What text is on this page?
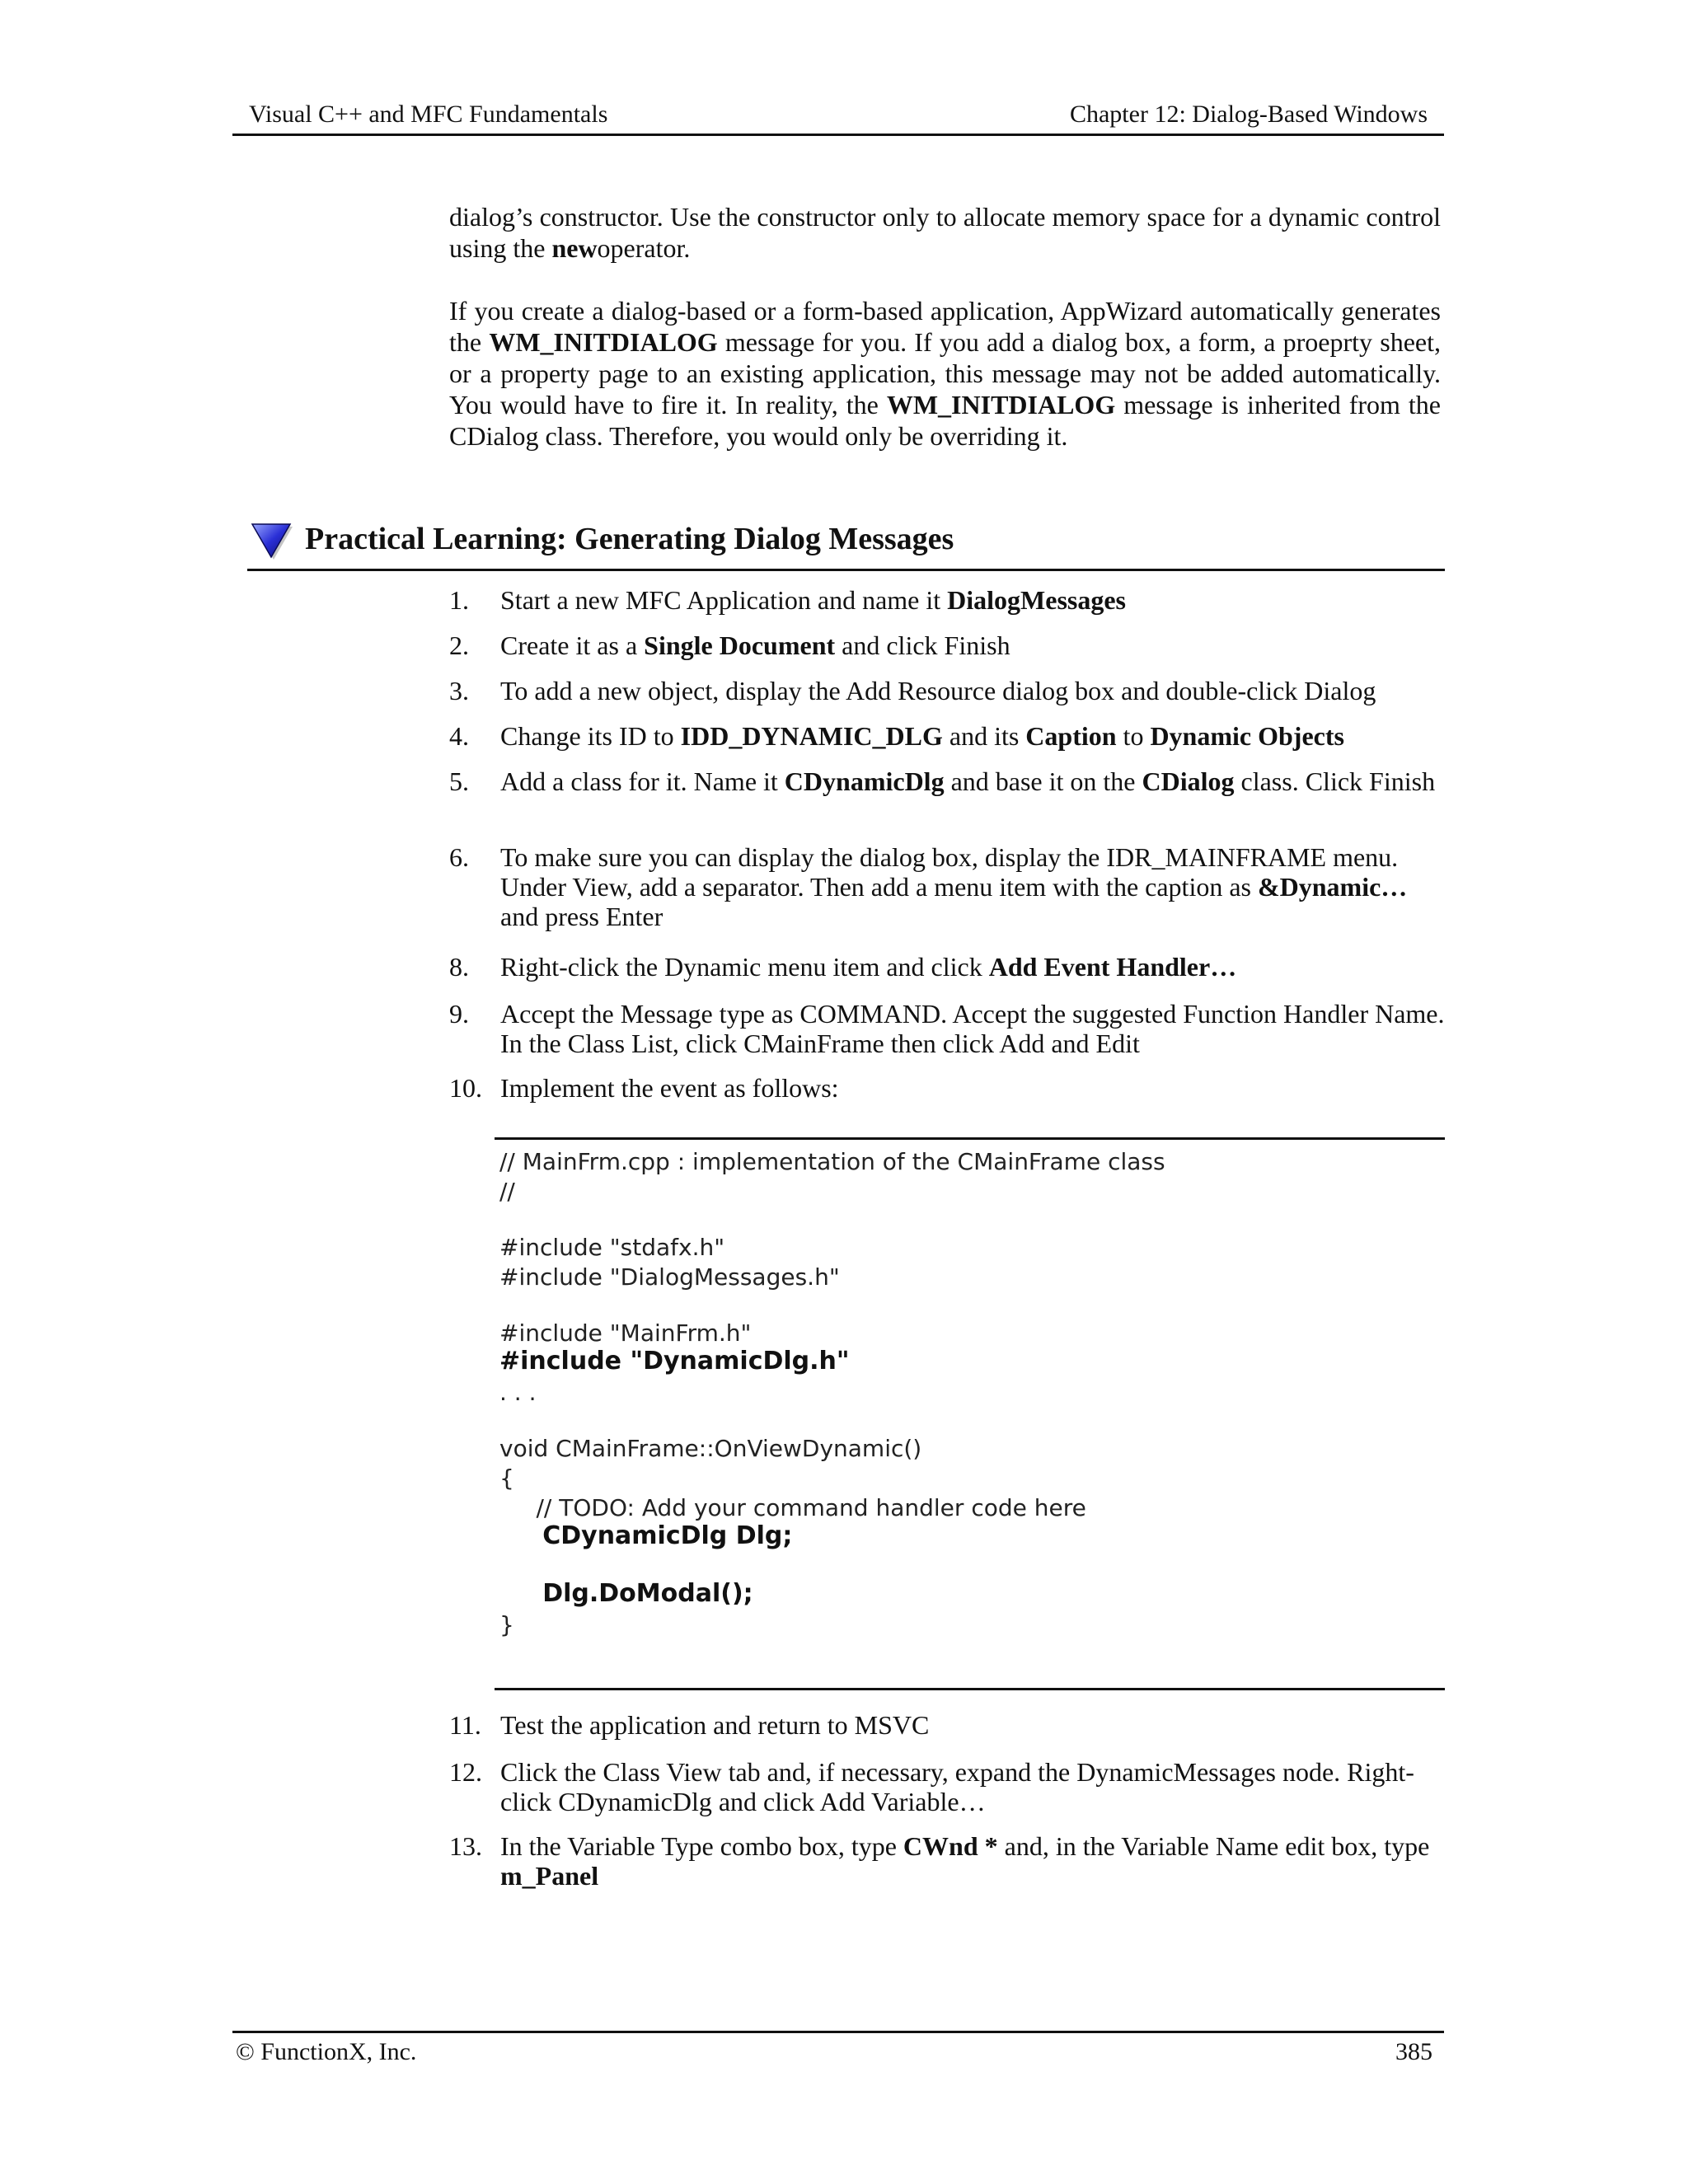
Visual C++ and MFC Fundamentals	Chapter 12: Dialog-Based Windows
dialog’s constructor. Use the constructor only to allocate memory space for a dynamic control using the newoperator.
If you create a dialog-based or a form-based application, AppWizard automatically generates the WM_INITDIALOG message for you. If you add a dialog box, a form, a proeprty sheet, or a property page to an existing application, this message may not be added automatically. You would have to fire it. In reality, the WM_INITDIALOG message is inherited from the CDialog class. Therefore, you would only be overriding it.
Practical Learning: Generating Dialog Messages
1.	Start a new MFC Application and name it DialogMessages
2.	Create it as a Single Document and click Finish
3.	To add a new object, display the Add Resource dialog box and double-click Dialog
4.	Change its ID to IDD_DYNAMIC_DLG and its Caption to Dynamic Objects
5.	Add a class for it. Name it CDynamicDlg and base it on the CDialog class. Click Finish
6.	To make sure you can display the dialog box, display the IDR_MAINFRAME menu. Under View, add a separator. Then add a menu item with the caption as &Dynamic… and press Enter
8.	Right-click the Dynamic menu item and click Add Event Handler…
9.	Accept the Message type as COMMAND. Accept the suggested Function Handler Name. In the Class List, click CMainFrame then click Add and Edit
10. Implement the event as follows:
11. Test the application and return to MSVC
12. Click the Class View tab and, if necessary, expand the DynamicMessages node. Right-click CDynamicDlg and click Add Variable…
13. In the Variable Type combo box, type CWnd * and, in the Variable Name edit box, type m_Panel
// MainFrm.cpp : implementation of the CMainFrame class
//
#include "stdafx.h"
#include "DialogMessages.h"
#include "MainFrm.h"
#include "DynamicDlg.h"
. . .
void CMainFrame::OnViewDynamic()
{
// TODO: Add your command handler code here
CDynamicDlg Dlg;
Dlg.DoModal();
}
© FunctionX, Inc.	385
